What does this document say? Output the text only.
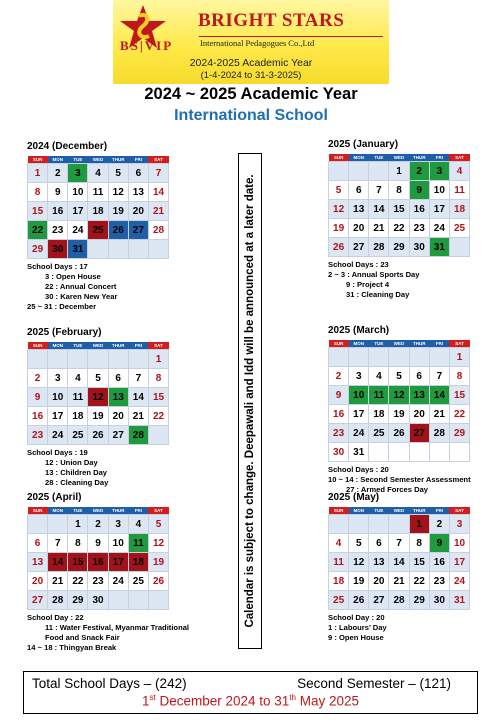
BRIGHT STARS
BS|VIP	International Pedagogues Co.,Ltd
2024-2025 Academic Year
(1-4-2024 to 31-3-2025)
2024 ~ 2025 Academic Year
International School
2024 (December)
SUN	MON	TUE	WED	THUR	FRI	SAT
1	2	3	4	5	6	7
8	9	10	11	12	13	14
15	16	17	18	19	20	21
22	23	24	25	26	27	28
29	30	31				
School Days : 17
3 : Open House
22 : Annual Concert
30 : Karen New Year
25 ~ 31 : December
2025 (January)
SUN	MON	TUE	WED	THUR	FRI	SAT
			1	2	3	4
5	6	7	8	9	10	11
12	13	14	15	16	17	18
19	20	21	22	23	24	25
26	27	28	29	30	31	
School Days : 23
2 ~ 3 : Annual Sports Day
9 : Project 4
31 : Cleaning Day
2025 (February)
SUN	MON	TUE	WED	THUR	FRI	SAT
						1
2	3	4	5	6	7	8
9	10	11	12	13	14	15
16	17	18	19	20	21	22
23	24	25	26	27	28	
School Days : 19
12 : Union Day
13 : Children Day
28 : Cleaning Day
2025 (March)
SUN	MON	TUE	WED	THUR	FRI	SAT
						1
2	3	4	5	6	7	8
9	10	11	12	13	14	15
16	17	18	19	20	21	22
23	24	25	26	27	28	29
30	31					
School Days : 20
10 ~ 14 : Second Semester Assessment
27 : Armed Forces Day
2025 (April)
SUN	MON	TUE	WED	THUR	FRI	SAT
		1	2	3	4	5
6	7	8	9	10	11	12
13	14	15	16	17	18	19
20	21	22	23	24	25	26
27	28	29	30			
School Day : 22
11 : Water Festival, Myanmar Traditional
Food and Snack Fair
14 ~ 18 : Thingyan Break
2025 (May)
SUN	MON	TUE	WED	THUR	FRI	SAT
				1	2	3
4	5	6	7	8	9	10
11	12	13	14	15	16	17
18	19	20	21	22	23	24
25	26	27	28	29	30	31
School Day : 20
1 : Labours’ Day
9 : Open House
Calendar is subject to change. Deepawali and Idd will be announced at a later date.
Total School Days – (242)	Second Semester – (121)
1st December 2024 to 31th May 2025
